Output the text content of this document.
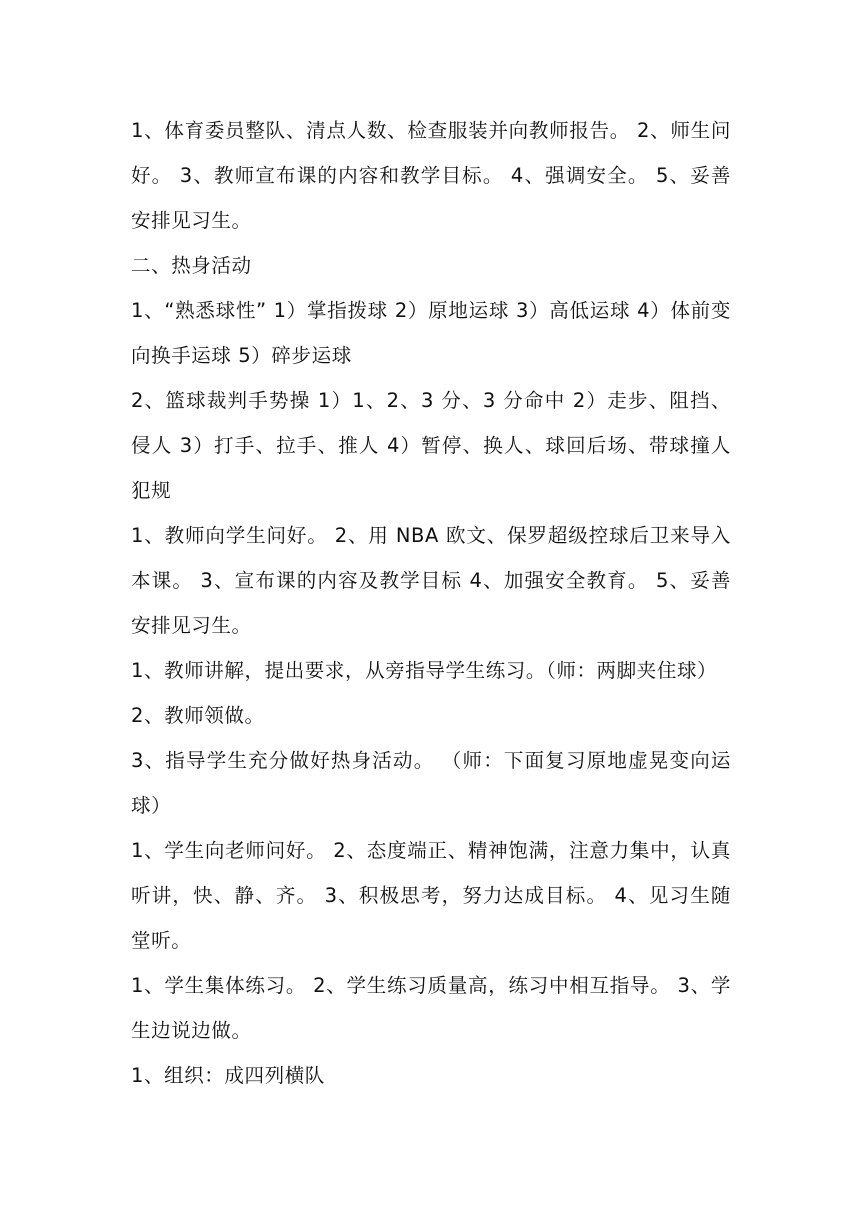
1、体育委员整队、清点人数、检查服装并向教师报告。 2、师生问好。 3、教师宣布课的内容和教学目标。 4、强调安全。 5、妥善安排见习生。

二、热身活动

1、“熟悉球性” 1）掌指拨球 2）原地运球 3）高低运球 4）体前变向换手运球 5）碎步运球

2、篮球裁判手势操 1）1、2、3 分、3 分命中 2）走步、阻挡、侵人 3）打手、拉手、推人 4）暂停、换人、球回后场、带球撞人犯规

1、教师向学生问好。 2、用 NBA 欧文、保罗超级控球后卫来导入本课。 3、宣布课的内容及教学目标 4、加强安全教育。 5、妥善安排见习生。

1、教师讲解，提出要求，从旁指导学生练习。（师：两脚夹住球）

2、教师领做。

3、指导学生充分做好热身活动。 （师：下面复习原地虚晃变向运球）

1、学生向老师问好。 2、态度端正、精神饱满，注意力集中，认真听讲，快、静、齐。 3、积极思考，努力达成目标。 4、见习生随堂听。

1、学生集体练习。 2、学生练习质量高，练习中相互指导。 3、学生边说边做。

1、组织：成四列横队
